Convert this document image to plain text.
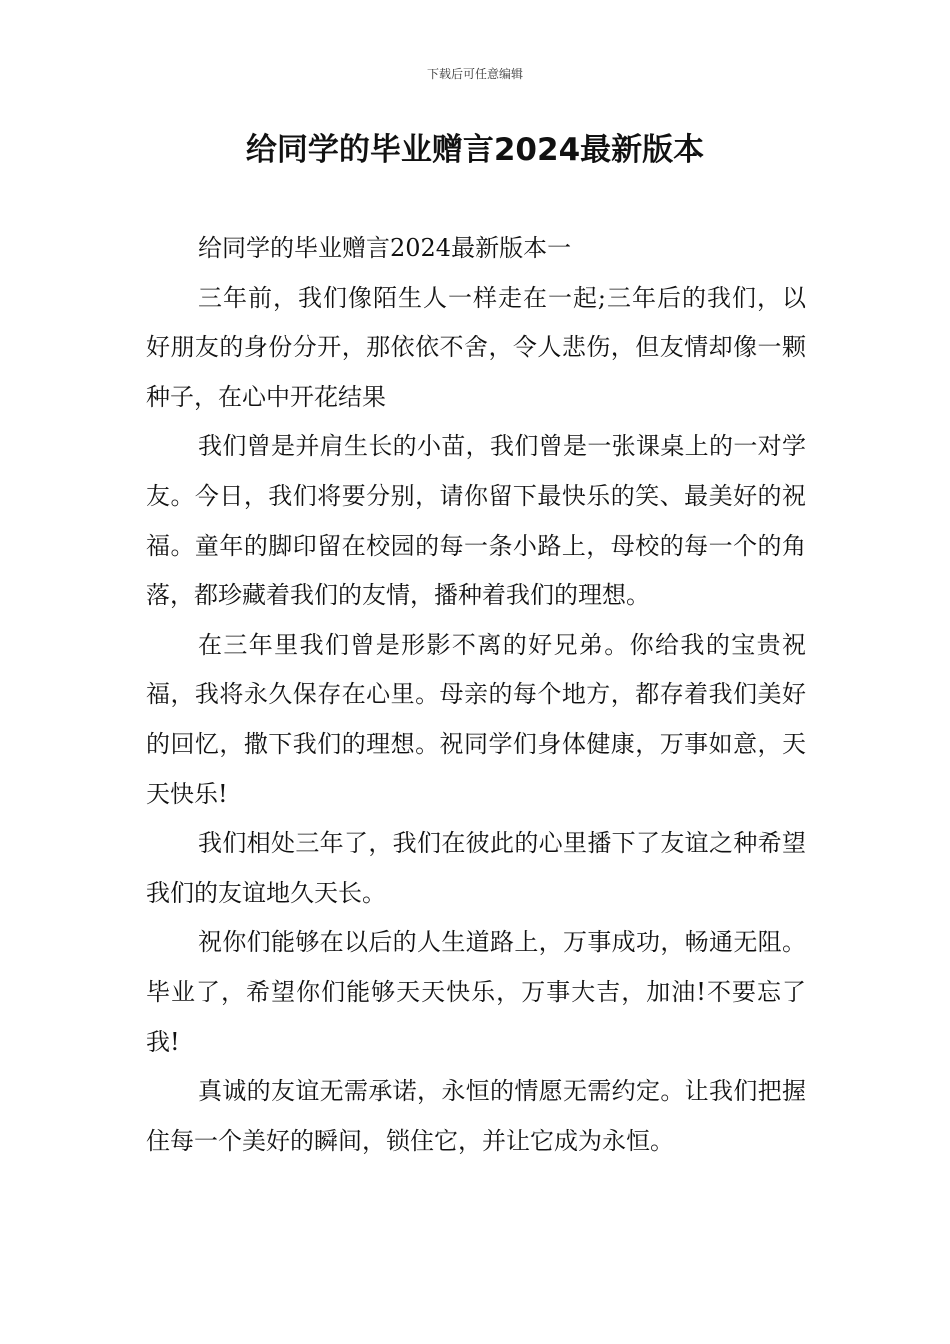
下载后可任意编辑
给同学的毕业赠言2024最新版本

给同学的毕业赠言2024最新版本一

三年前，我们像陌生人一样走在一起;三年后的我们，以好朋友的身份分开，那依依不舍，令人悲伤，但友情却像一颗种子，在心中开花结果

我们曾是并肩生长的小苗，我们曾是一张课桌上的一对学友。今日，我们将要分别，请你留下最快乐的笑、最美好的祝福。童年的脚印留在校园的每一条小路上，母校的每一个的角落，都珍藏着我们的友情，播种着我们的理想。

在三年里我们曾是形影不离的好兄弟。你给我的宝贵祝福，我将永久保存在心里。母亲的每个地方，都存着我们美好的回忆，撒下我们的理想。祝同学们身体健康，万事如意，天天快乐!

我们相处三年了，我们在彼此的心里播下了友谊之种希望我们的友谊地久天长。

祝你们能够在以后的人生道路上，万事成功，畅通无阻。毕业了，希望你们能够天天快乐，万事大吉，加油!不要忘了我!

真诚的友谊无需承诺，永恒的情愿无需约定。让我们把握住每一个美好的瞬间，锁住它，并让它成为永恒。
